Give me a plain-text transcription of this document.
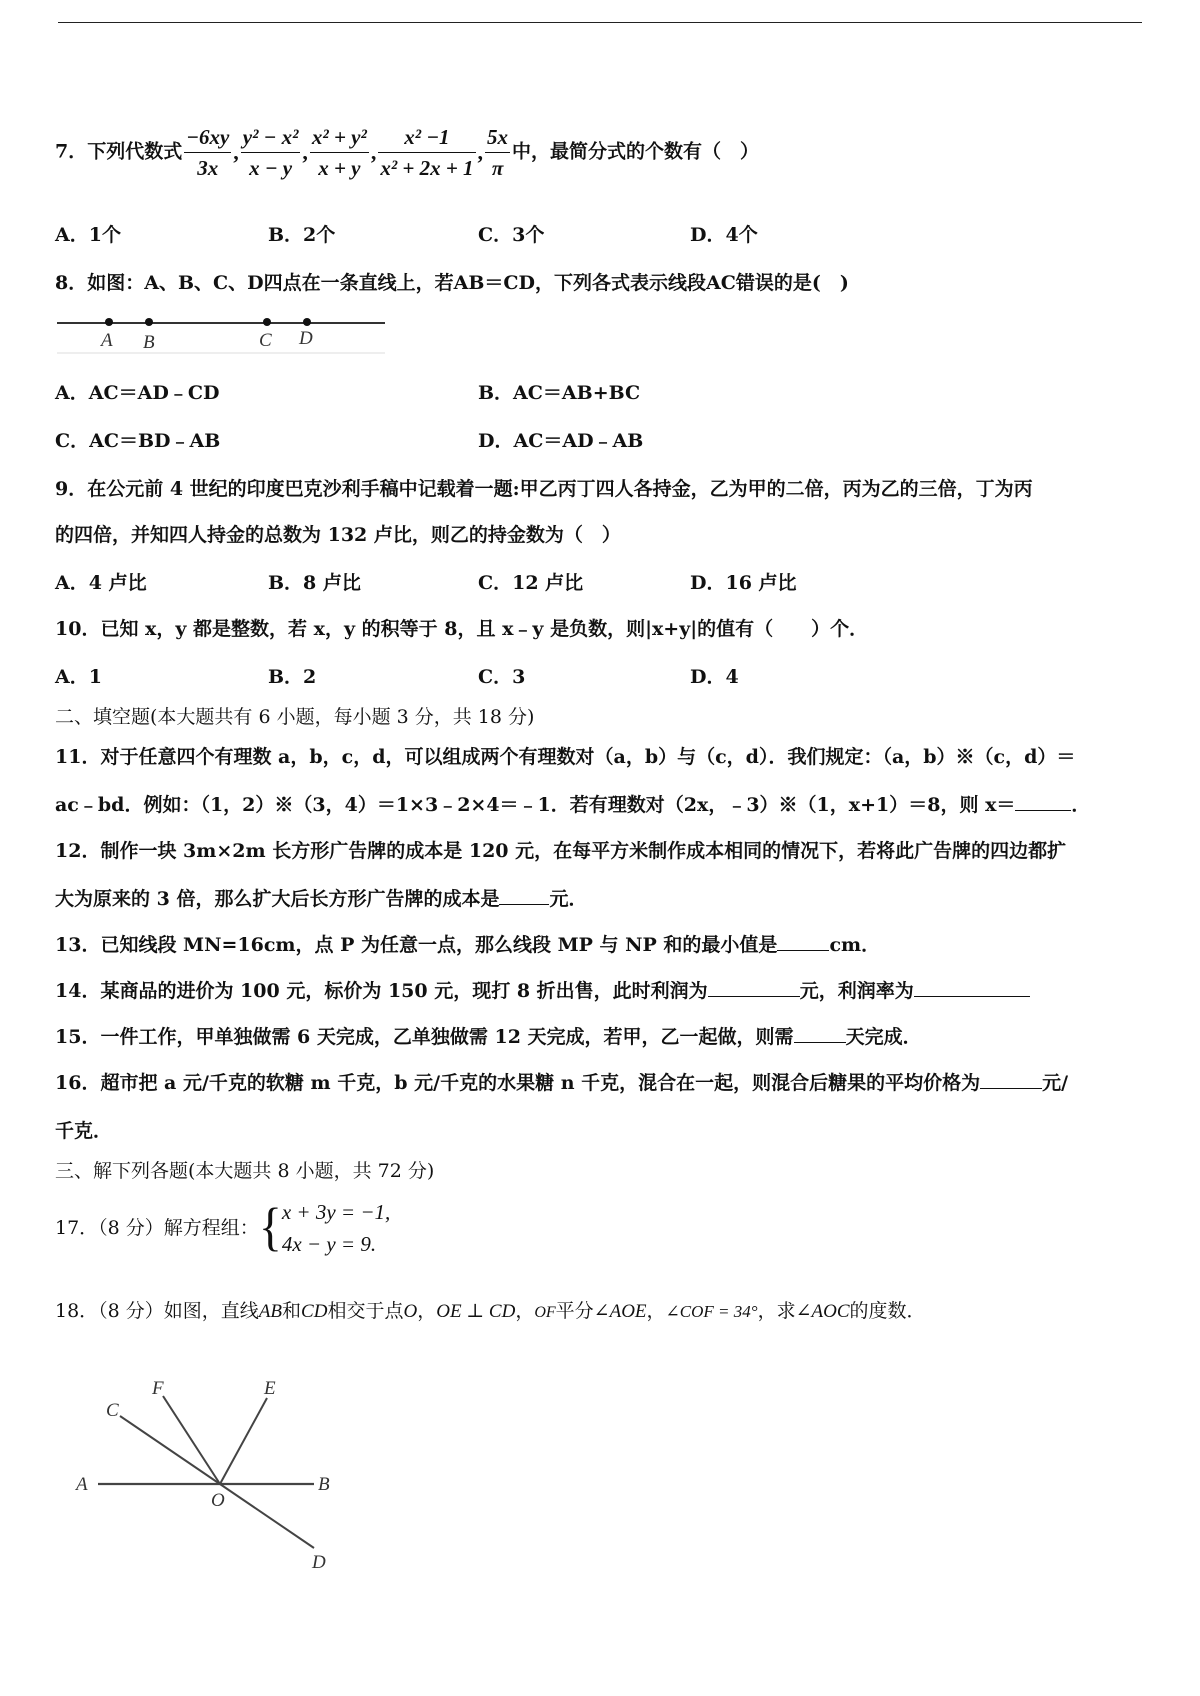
7．下列代数式 $\frac{-6xy}{3x}$ , $\frac{\text{y² − x²}}{x - y}$ , $\frac{\text{x² + y²}}{x + y}$ , $\frac{\text{x² −1}}{\text{x² + 2x + 1}}$ , $\frac{5x}{\pi}$ 中，最简分式的个数有（　）
A．1个	B．2个	C．3个	D．4个
8．如图：A、B、C、D四点在一条直线上，若AB＝CD，下列各式表示线段AC错误的是(　)
A B	C D
A．AC＝AD﹣CD	B．AC＝AB+BC
C．AC＝BD﹣AB	D．AC＝AD﹣AB
9．在公元前 4 世纪的印度巴克沙利手稿中记载着一题:甲乙丙丁四人各持金，乙为甲的二倍，丙为乙的三倍，丁为丙
的四倍，并知四人持金的总数为 132 卢比，则乙的持金数为（　）
A．4 卢比	B．8 卢比	C．12 卢比	D．16 卢比
10．已知 x，y 都是整数，若 x，y 的积等于 8，且 x﹣y 是负数，则|x+y|的值有（　　）个．
A．1	B．2	C．3	D．4
二、填空题(本大题共有 6 小题，每小题 3 分，共 18 分)
11．对于任意四个有理数 a，b，c，d，可以组成两个有理数对（a，b）与（c，d）．我们规定：（a，b）※（c，d）＝
ac﹣bd．例如：（1，2）※（3，4）＝1×3﹣2×4＝﹣1．若有理数对（2x，﹣3）※（1，x+1）＝8，则 x＝	．
12．制作一块 3m×2m 长方形广告牌的成本是 120 元，在每平方米制作成本相同的情况下，若将此广告牌的四边都扩
大为原来的 3 倍，那么扩大后长方形广告牌的成本是	元．
13．已知线段 MN=16cm，点 P 为任意一点，那么线段 MP 与 NP 和的最小值是	cm．
14．某商品的进价为 100 元，标价为 150 元，现打 8 折出售，此时利润为	元，利润率为
15．一件工作，甲单独做需 6 天完成，乙单独做需 12 天完成，若甲，乙一起做，则需	天完成．
16．超市把 a 元/千克的软糖 m 千克，b 元/千克的水果糖 n 千克，混合在一起，则混合后糖果的平均价格为	元/
千克．
三、解下列各题(本大题共 8 小题，共 72 分)
17．（8 分）解方程组：{ x + 3y = −1,
4x − y = 9.
18．（8 分）如图，直线AB和CD相交于点O，OE ⊥ CD，OF平分∠AOE，∠COF = 34°，求∠AOC的度数．
F	E
C
A
O
B
D
